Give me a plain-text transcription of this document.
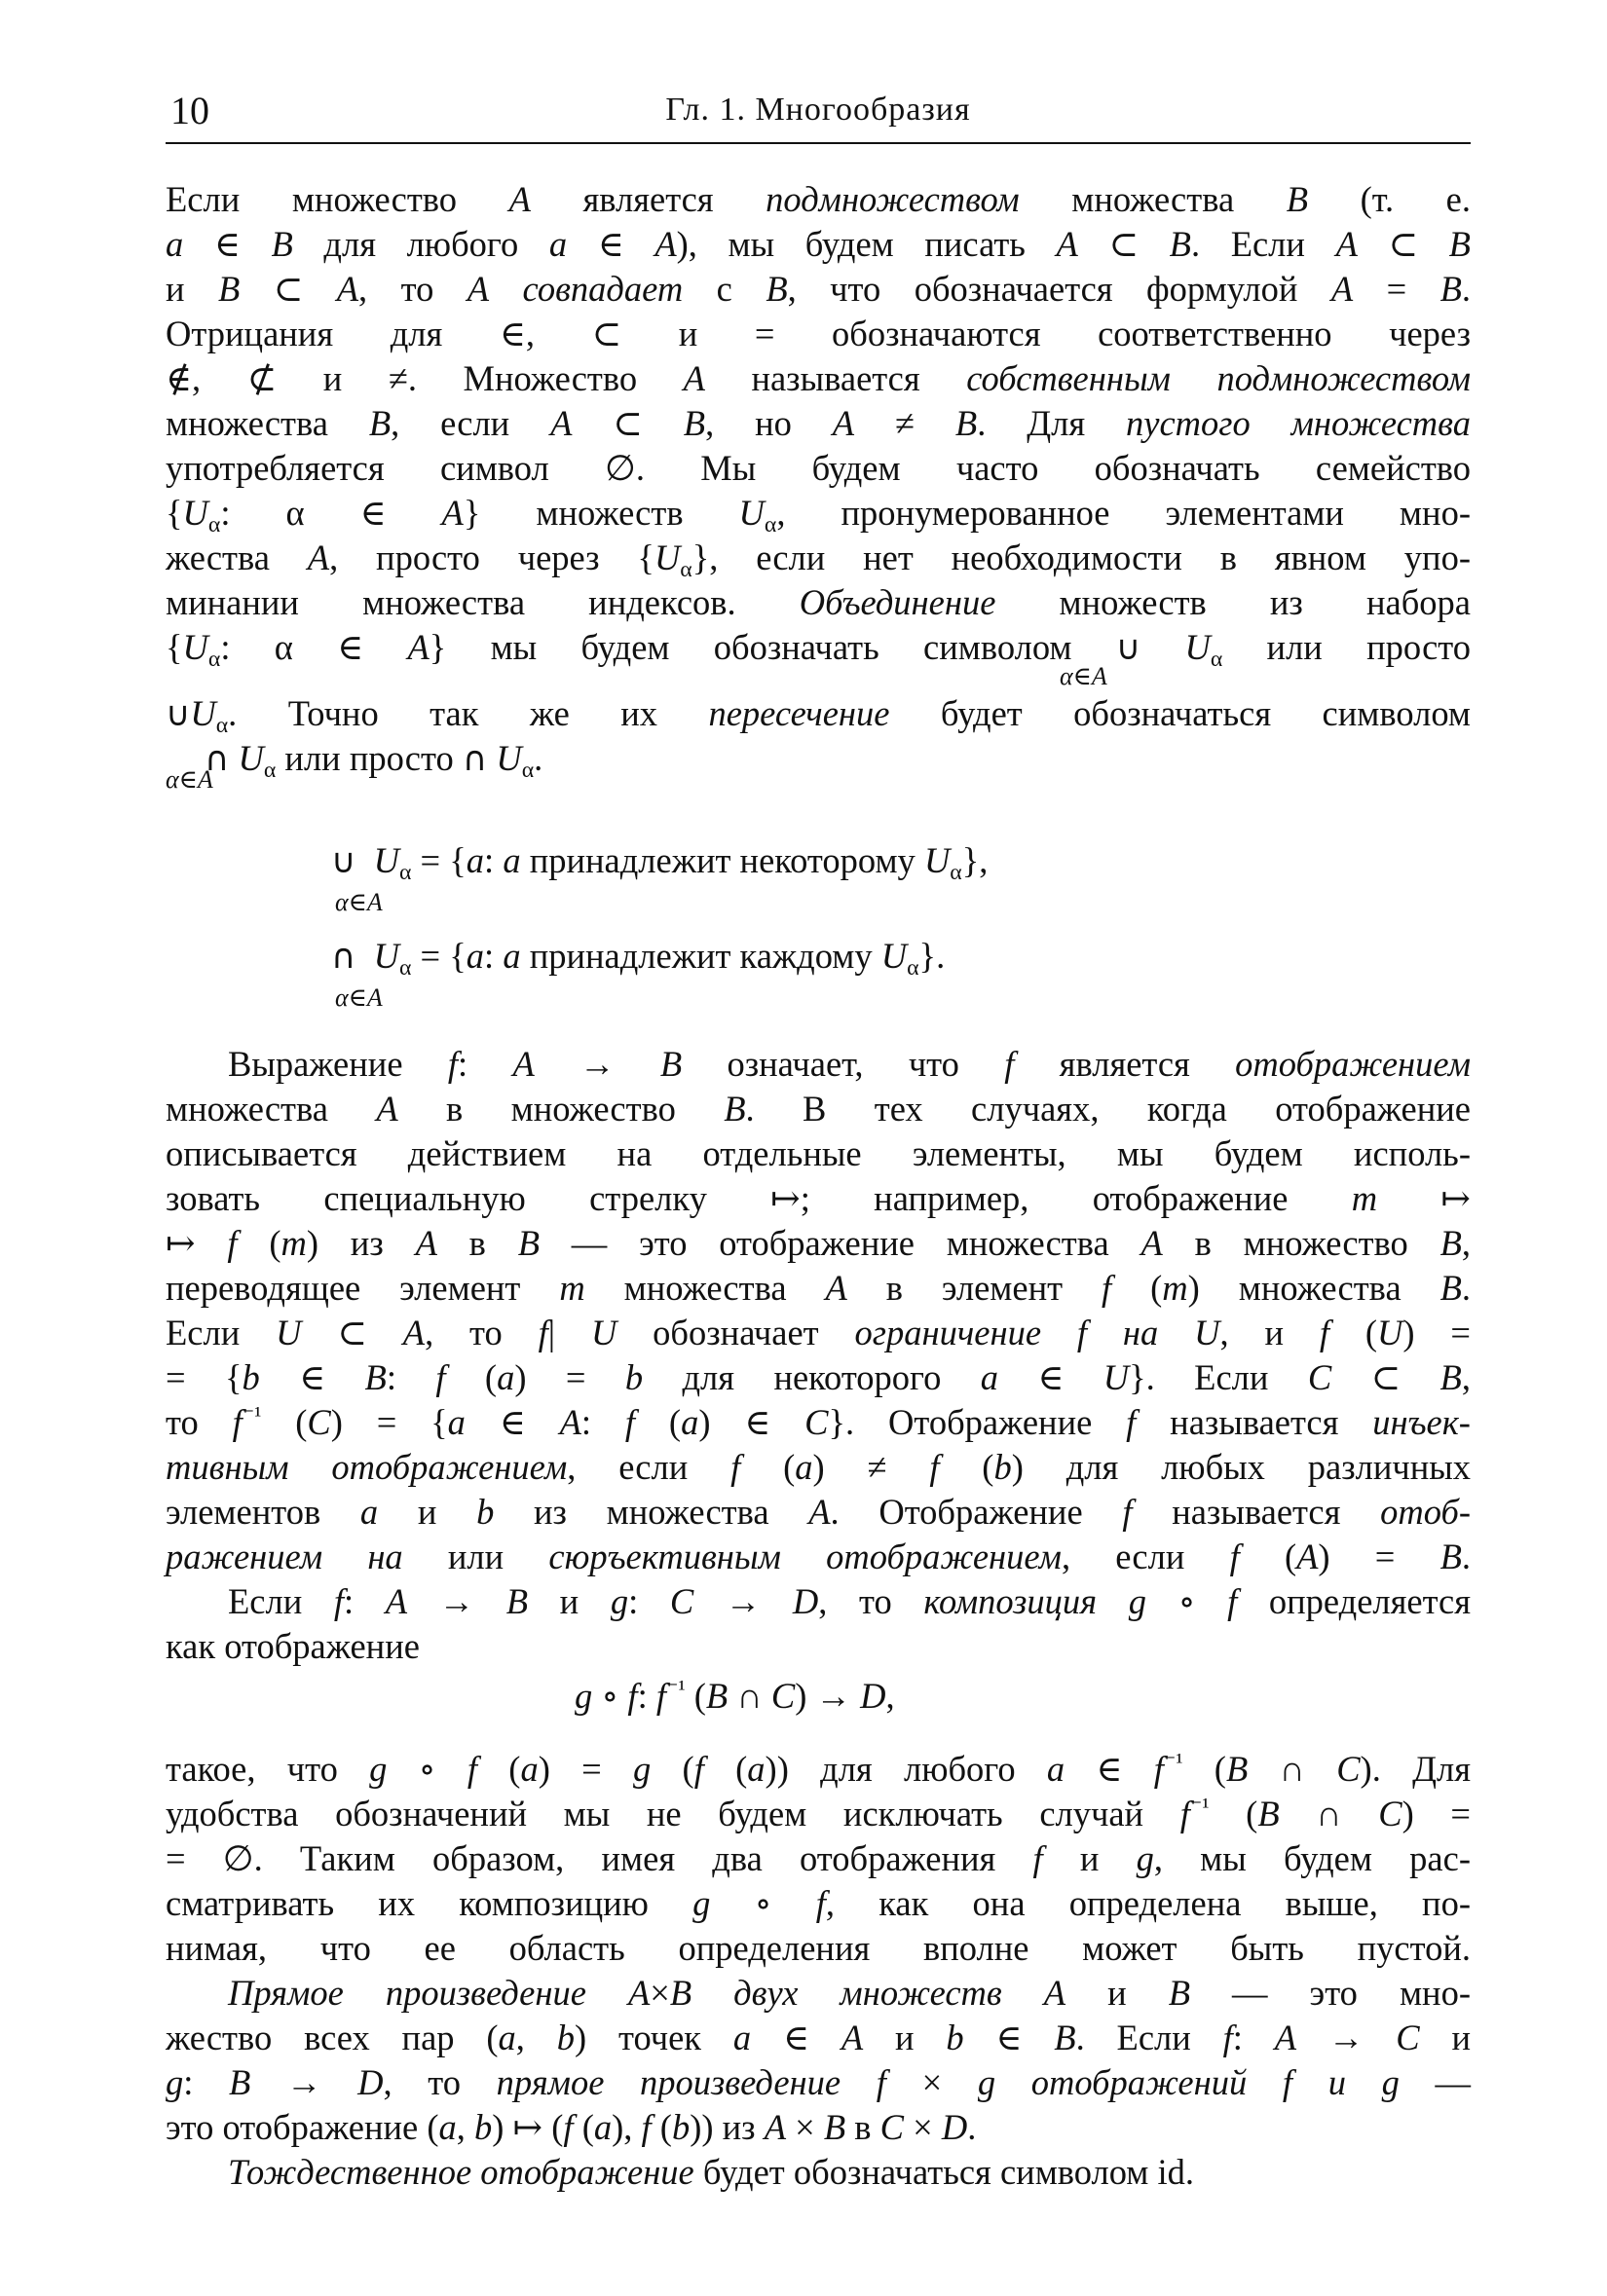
10	Гл. 1. Многообразия
Если множество A является подмножеством множества B (т. е.
a ∈ B для любого a ∈ A), мы будем писать A ⊂ B. Если A ⊂ B
и B ⊂ A, то A совпадает с B, что обозначается формулой A = B.
Отрицания для ∈, ⊂ и = обозначаются соответственно через
∉, ⊄ и ≠. Множество A называется собственным подмножеством
множества B, если A ⊂ B, но A ≠ B. Для пустого множества
употребляется символ ∅. Мы будем часто обозначать семейство
{Uα: α ∈ A} множеств Uα, пронумерованное элементами мно-
жества A, просто через {Uα}, если нет необходимости в явном упо-
минании множества индексов. Объединение множеств из набора
{Uα: α ∈ A} мы будем обозначать символом ∪ Uα или просто
α∈A
∪Uα. Точно так же их пересечение будет обозначаться символом
∩ Uα или просто ∩ Uα.
α∈A
∪ Uα = {a: a принадлежит некоторому Uα},
α∈A
∩ Uα = {a: a принадлежит каждому Uα}.
α∈A
Выражение f: A → B означает, что f является отображением
множества A в множество B. В тех случаях, когда отображение
описывается действием на отдельные элементы, мы будем исполь-
зовать специальную стрелку ↦; например, отображение m ↦
↦ f (m) из A в B — это отображение множества A в множество B,
переводящее элемент m множества A в элемент f (m) множества B.
Если U ⊂ A, то f| U обозначает ограничение f на U, и f (U) =
= {b ∈ B: f (a) = b для некоторого a ∈ U}. Если C ⊂ B,
то $f^{^{-1}}$ (C) = {a ∈ A: f (a) ∈ C}. Отображение f называется инъек-
тивным отображением, если f (a) ≠ f (b) для любых различных
элементов a и b из множества A. Отображение f называется отоб-
ражением на или сюръективным отображением, если f (A) = B.
Если f: A → B и g: C → D, то композиция g ∘ f определяется
как отображение
g ∘ f: $f^{^{-1}}$ (B ∩ C) → D,
такое, что g ∘ f (a) = g (f (a)) для любого a ∈ $f^{^{-1}}$ (B ∩ C). Для
удобства обозначений мы не будем исключать случай $f^{^{-1}}$ (B ∩ C) =
= ∅. Таким образом, имея два отображения f и g, мы будем рас-
сматривать их композицию g ∘ f, как она определена выше, по-
нимая, что ее область определения вполне может быть пустой.
Прямое произведение A×B двух множеств A и B — это мно-
жество всех пар (a, b) точек a ∈ A и b ∈ B. Если f: A → C и
g: B → D, то прямое произведение f × g отображений f и g —
это отображение (a, b) ↦ (f (a), f (b)) из A × B в C × D.
Тождественное отображение будет обозначаться символом id.
